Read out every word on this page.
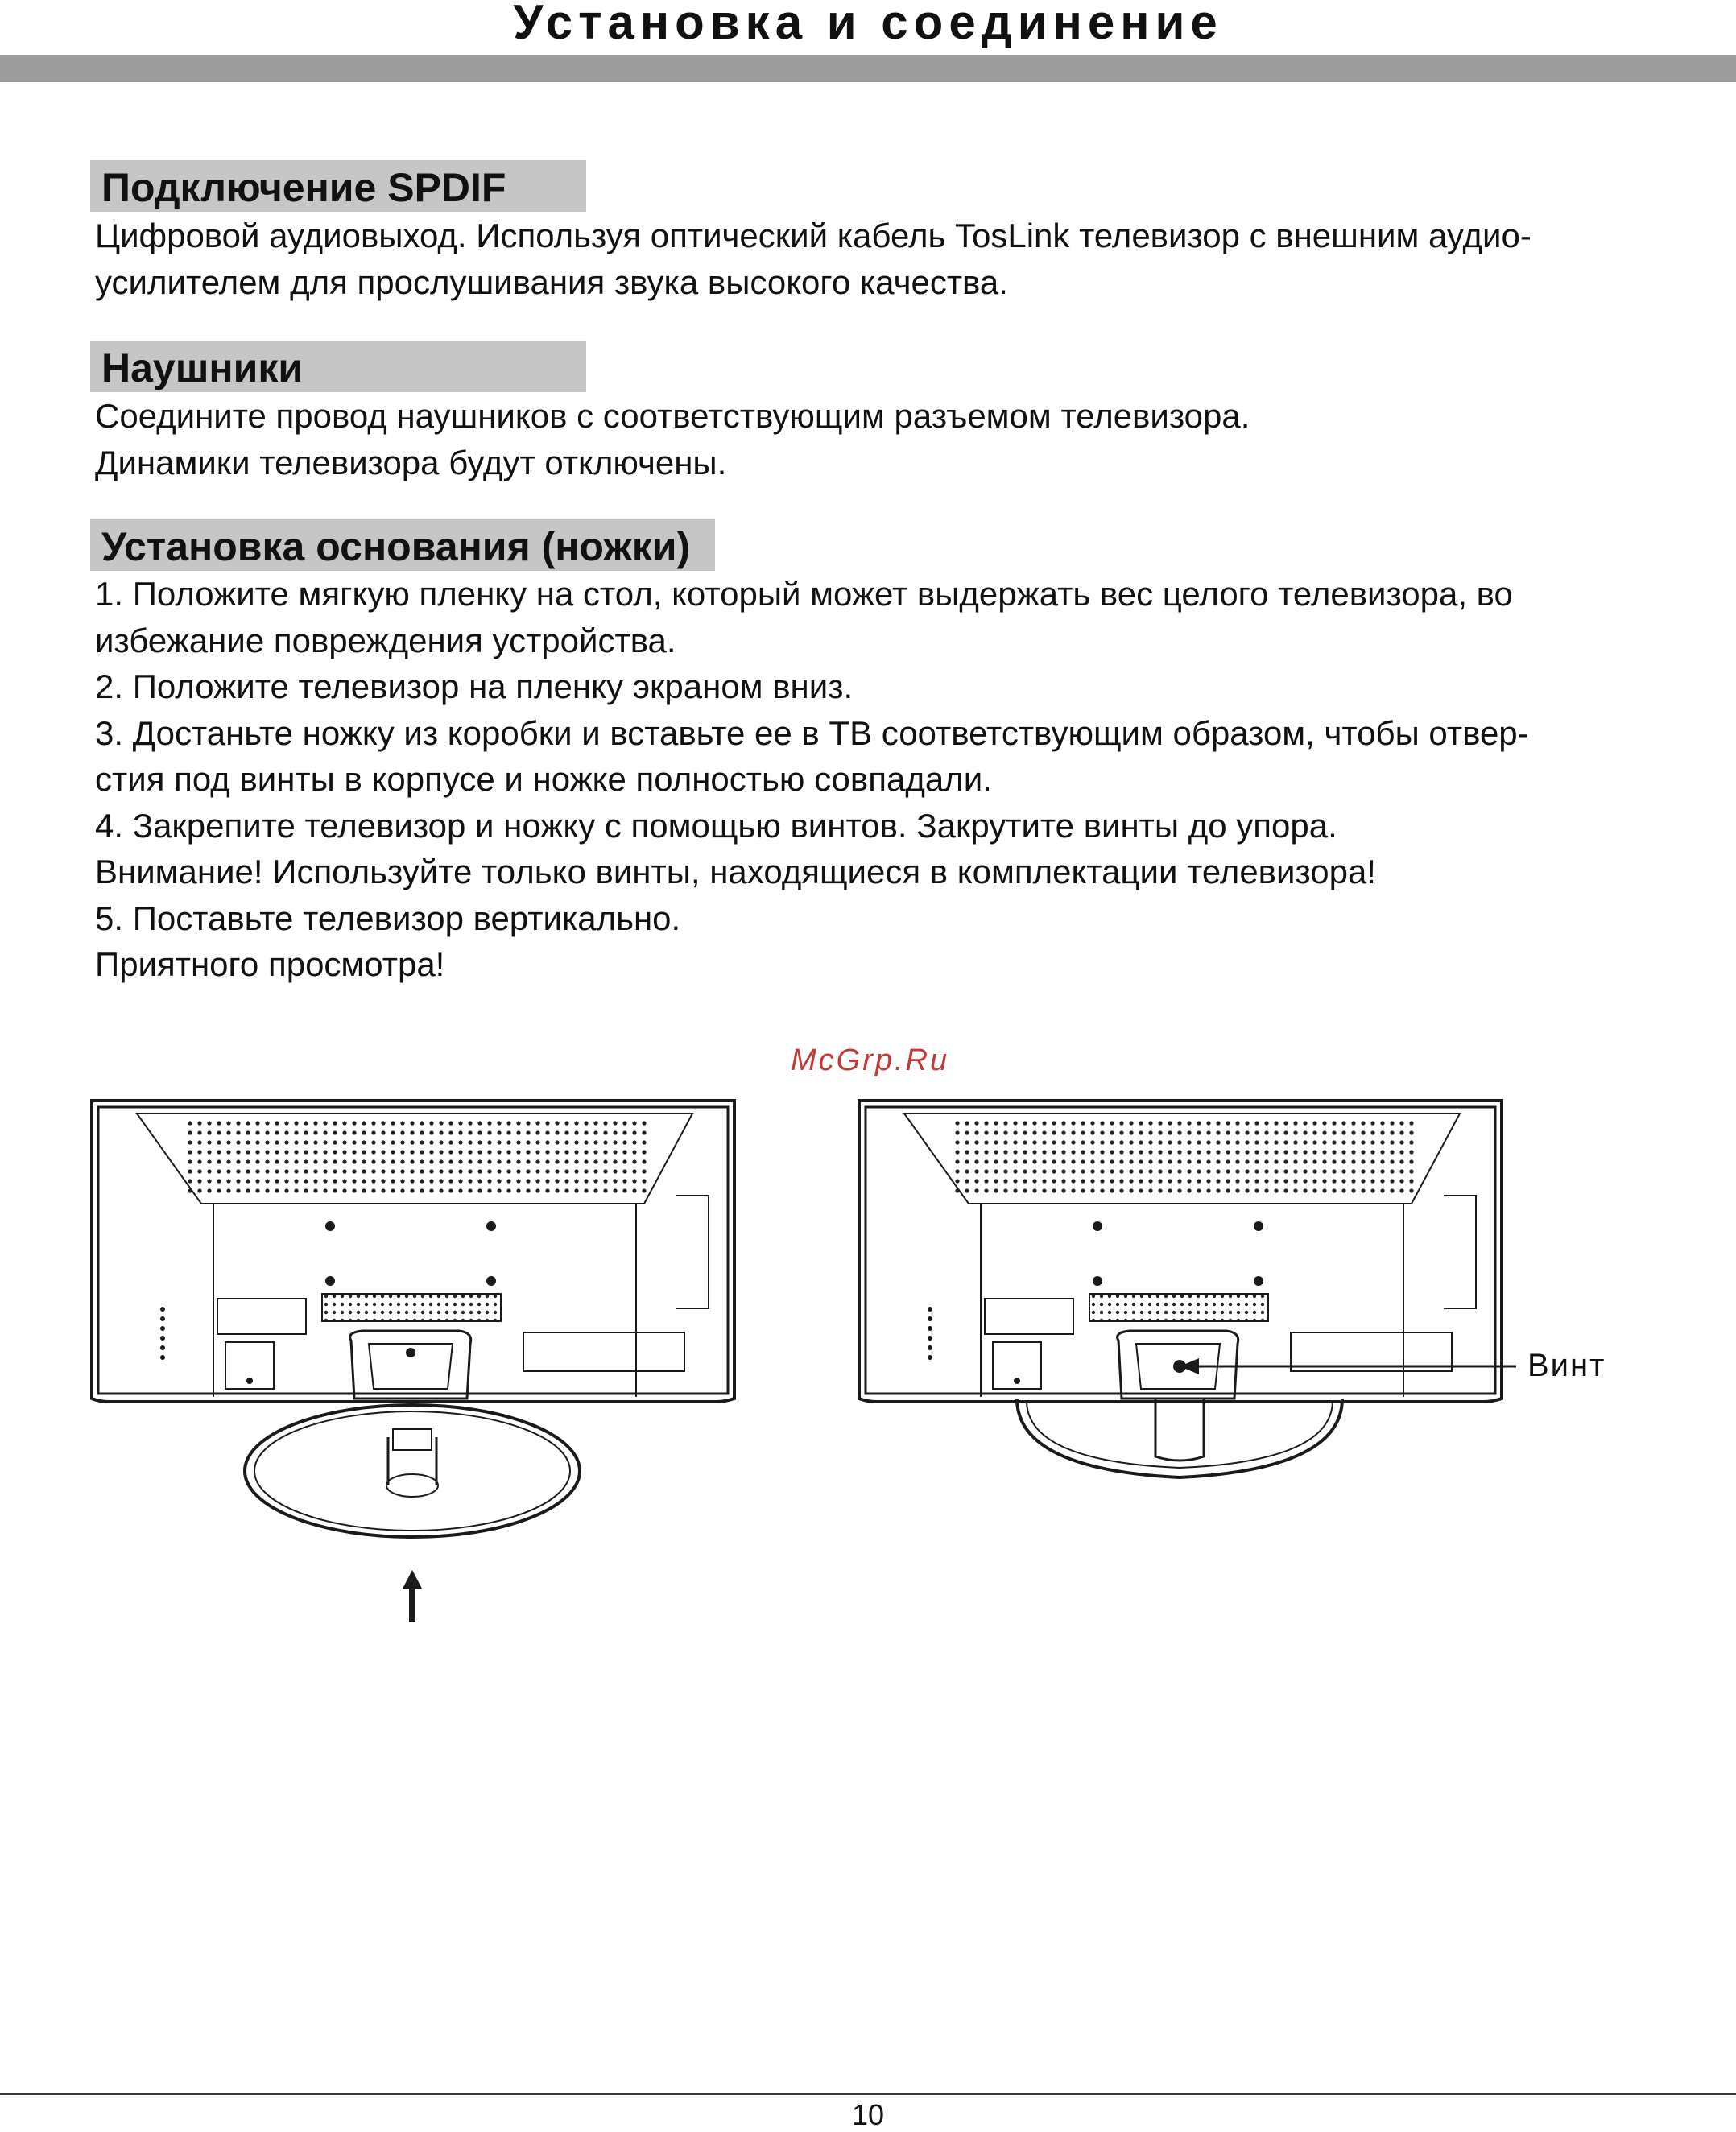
Установка и соединение
Подключение SPDIF
Цифровой аудиовыход. Используя оптический кабель TosLink телевизор с внешним аудио-
усилителем для прослушивания звука высокого качества.
Наушники
Соедините провод наушников с соответствующим разъемом телевизора.
Динамики телевизора будут отключены.
Установка основания (ножки)
1. Положите мягкую пленку на стол, который может выдержать вес целого телевизора, во
избежание повреждения устройства.
2. Положите телевизор на пленку экраном вниз.
3. Достаньте ножку из коробки и вставьте ее в ТВ соответствующим образом, чтобы отвер-
стия под винты в корпусе и ножке полностью совпадали.
4. Закрепите телевизор и ножку с помощью винтов. Закрутите винты до упора.
Внимание! Используйте только винты, находящиеся в комплектации телевизора!
5. Поставьте телевизор вертикально.
Приятного просмотра!
McGrp.Ru
Винт
10
